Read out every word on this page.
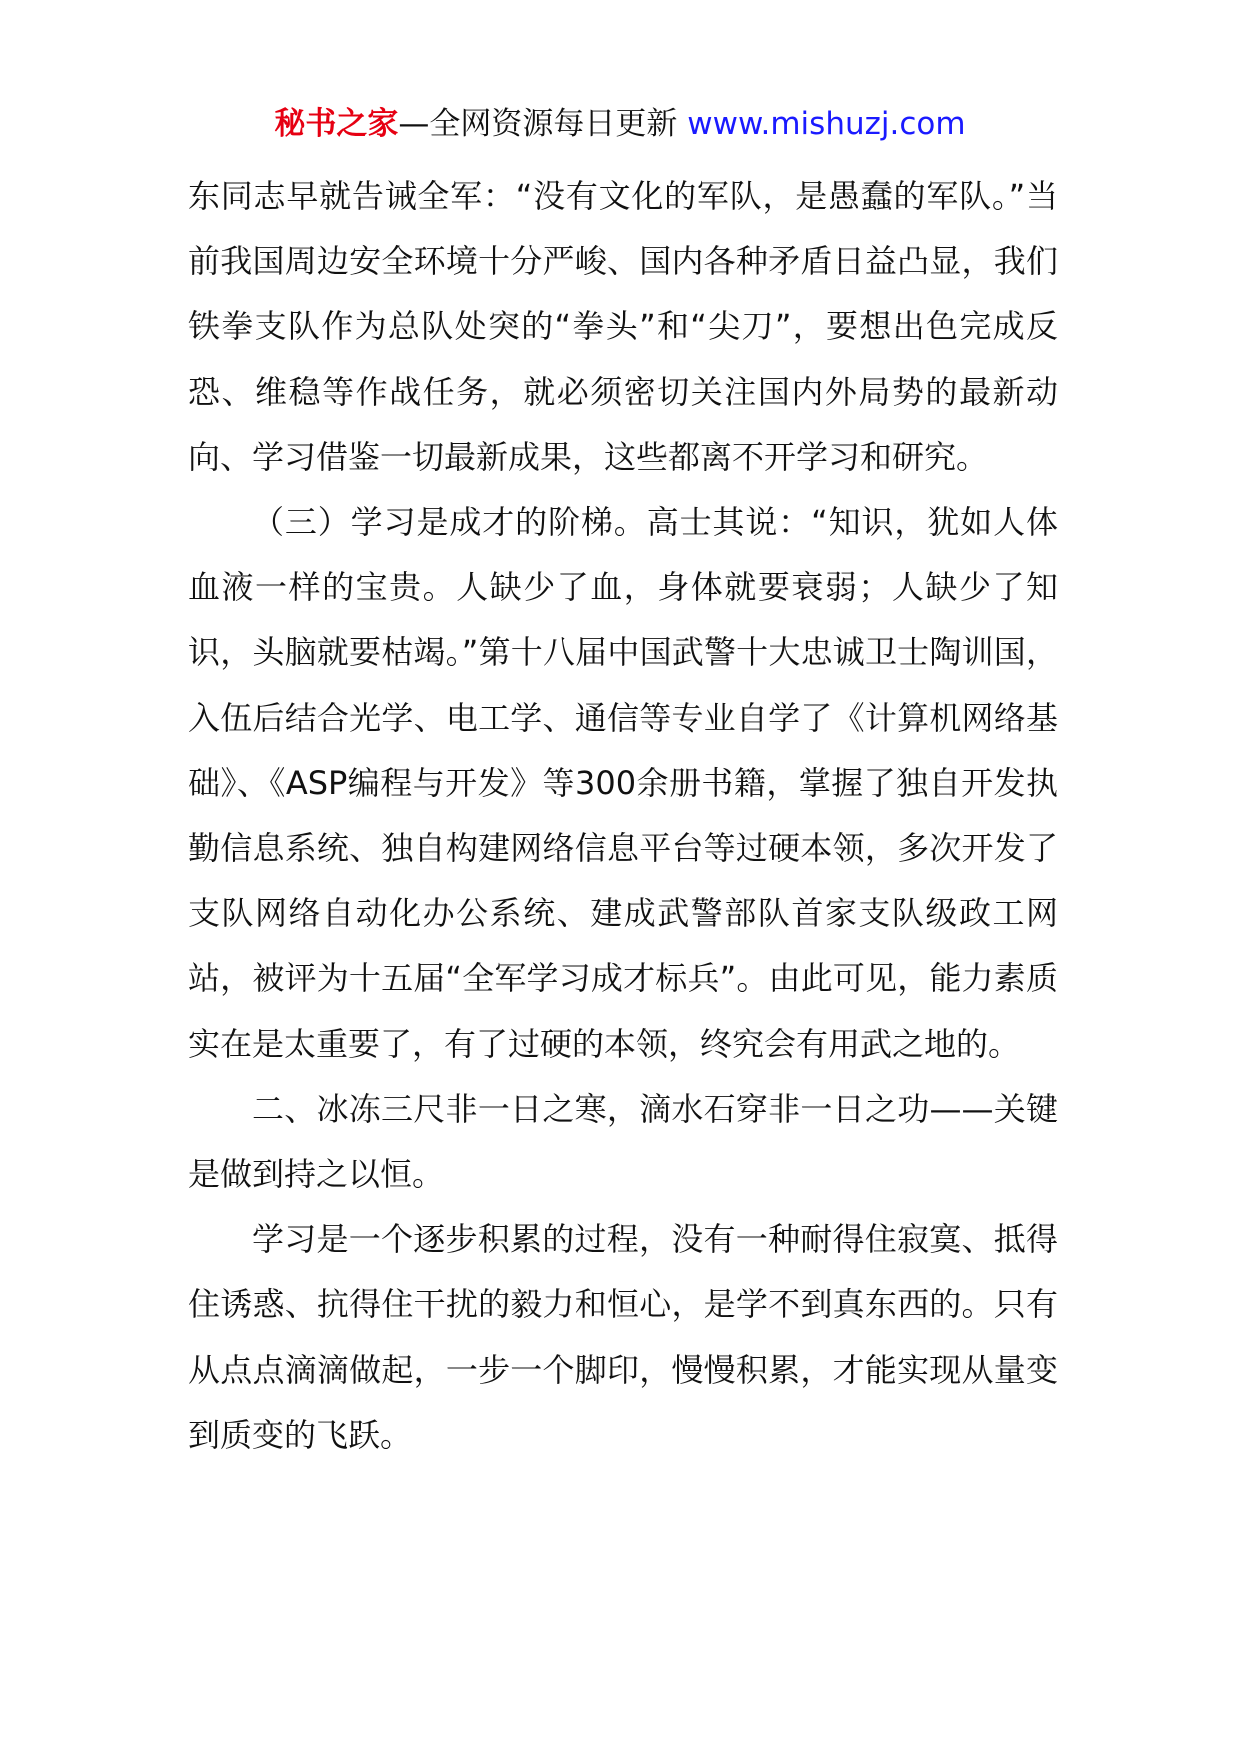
秘书之家—全网资源每日更新 www.mishuzj.com

东同志早就告诫全军：“没有文化的军队，是愚蠢的军队。”当前我国周边安全环境十分严峻、国内各种矛盾日益凸显，我们铁拳支队作为总队处突的“拳头”和“尖刀”，要想出色完成反恐、维稳等作战任务，就必须密切关注国内外局势的最新动向、学习借鉴一切最新成果，这些都离不开学习和研究。

（三）学习是成才的阶梯。高士其说：“知识，犹如人体血液一样的宝贵。人缺少了血，身体就要衰弱；人缺少了知识，头脑就要枯竭。”第十八届中国武警十大忠诚卫士陶训国，入伍后结合光学、电工学、通信等专业自学了《计算机网络基础》、《ASP编程与开发》等300余册书籍，掌握了独自开发执勤信息系统、独自构建网络信息平台等过硬本领，多次开发了支队网络自动化办公系统、建成武警部队首家支队级政工网站，被评为十五届“全军学习成才标兵”。由此可见，能力素质实在是太重要了，有了过硬的本领，终究会有用武之地的。

二、冰冻三尺非一日之寒，滴水石穿非一日之功——关键是做到持之以恒。

学习是一个逐步积累的过程，没有一种耐得住寂寞、抵得住诱惑、抗得住干扰的毅力和恒心，是学不到真东西的。只有从点点滴滴做起，一步一个脚印，慢慢积累，才能实现从量变到质变的飞跃。
